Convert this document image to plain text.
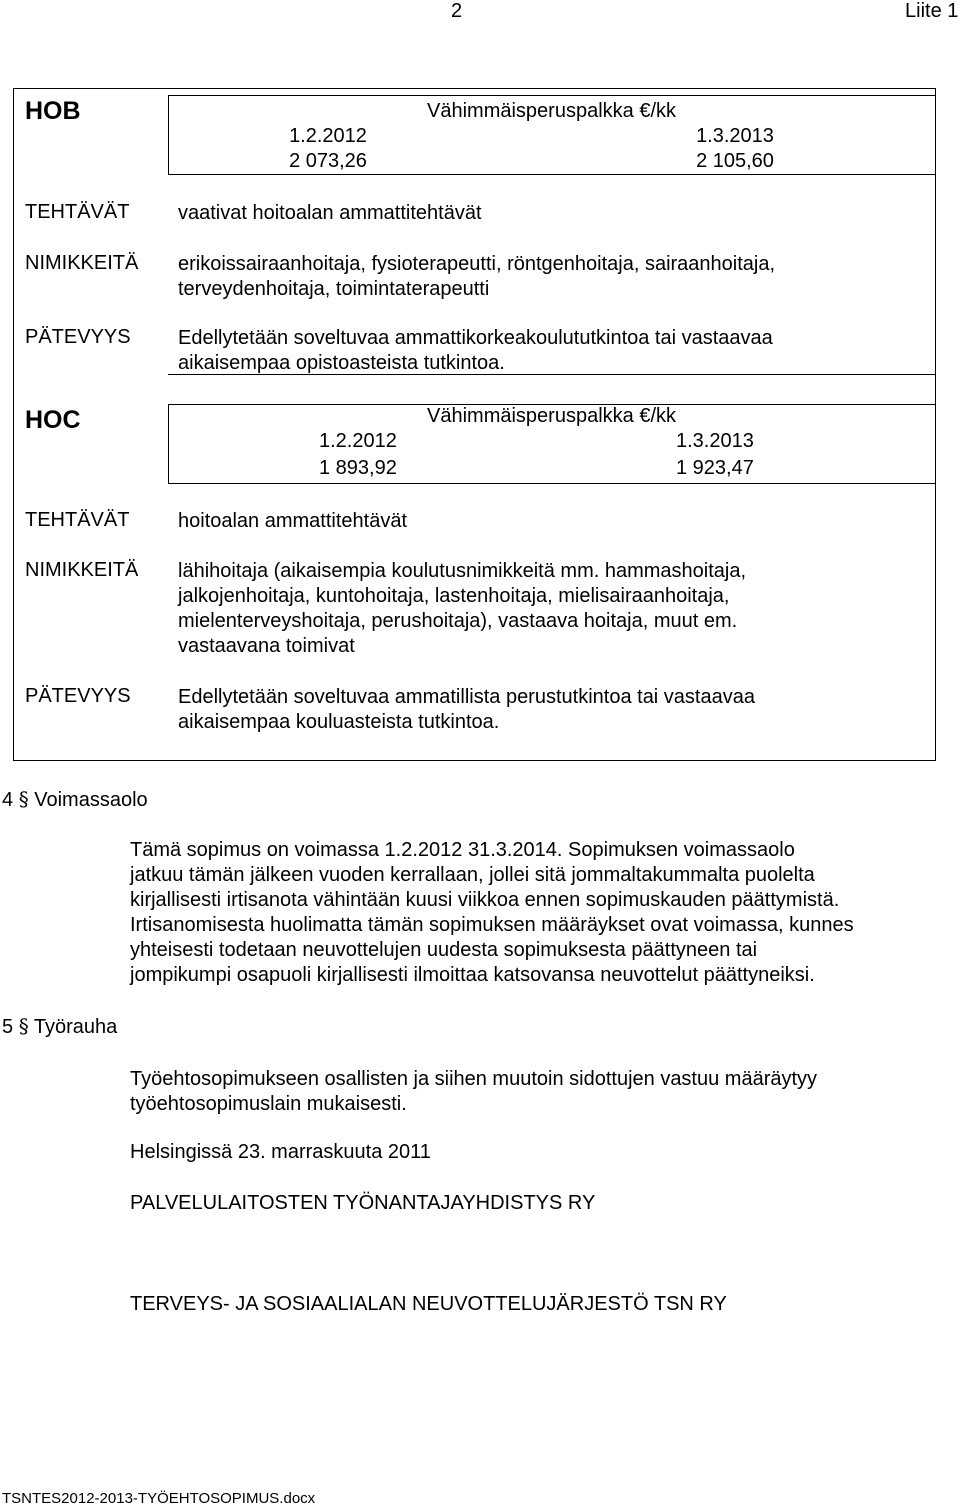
2	Liite 1
HOB	Vähimmäisperuspalkka €/kk
1.2.2012	1.3.2013
2 073,26	2 105,60
TEHTÄVÄT vaativat hoitoalan ammattitehtävät
NIMIKKEITÄ erikoissairaanhoitaja, fysioterapeutti, röntgenhoitaja, sairaanhoitaja,
terveydenhoitaja, toimintaterapeutti
PÄTEVYYS Edellytetään soveltuvaa ammattikorkeakoulututkintoa tai vastaavaa
aikaisempaa opistoasteista tutkintoa.
HOC	Vähimmäisperuspalkka €/kk
1.2.2012	1.3.2013
1 893,92	1 923,47
TEHTÄVÄT hoitoalan ammattitehtävät
NIMIKKEITÄ lähihoitaja (aikaisempia koulutusnimikkeitä mm. hammashoitaja,
jalkojenhoitaja, kuntohoitaja, lastenhoitaja, mielisairaanhoitaja,
mielenterveyshoitaja, perushoitaja), vastaava hoitaja, muut em.
vastaavana toimivat
PÄTEVYYS Edellytetään soveltuvaa ammatillista perustutkintoa tai vastaavaa
aikaisempaa kouluasteista tutkintoa.
4 § Voimassaolo
Tämä sopimus on voimassa 1.2.2012 31.3.2014. Sopimuksen voimassaolo
jatkuu tämän jälkeen vuoden kerrallaan, jollei sitä jommaltakummalta puolelta
kirjallisesti irtisanota vähintään kuusi viikkoa ennen sopimuskauden päättymistä.
Irtisanomisesta huolimatta tämän sopimuksen määräykset ovat voimassa, kunnes
yhteisesti todetaan neuvottelujen uudesta sopimuksesta päättyneen tai
jompikumpi osapuoli kirjallisesti ilmoittaa katsovansa neuvottelut päättyneiksi.
5 § Työrauha
Työehtosopimukseen osallisten ja siihen muutoin sidottujen vastuu määräytyy
työehtosopimuslain mukaisesti.
Helsingissä 23. marraskuuta 2011
PALVELULAITOSTEN TYÖNANTAJAYHDISTYS RY
TERVEYS- JA SOSIAALIALAN NEUVOTTELUJÄRJESTÖ TSN RY
TSNTES2012-2013-TYÖEHTOSOPIMUS.docx
